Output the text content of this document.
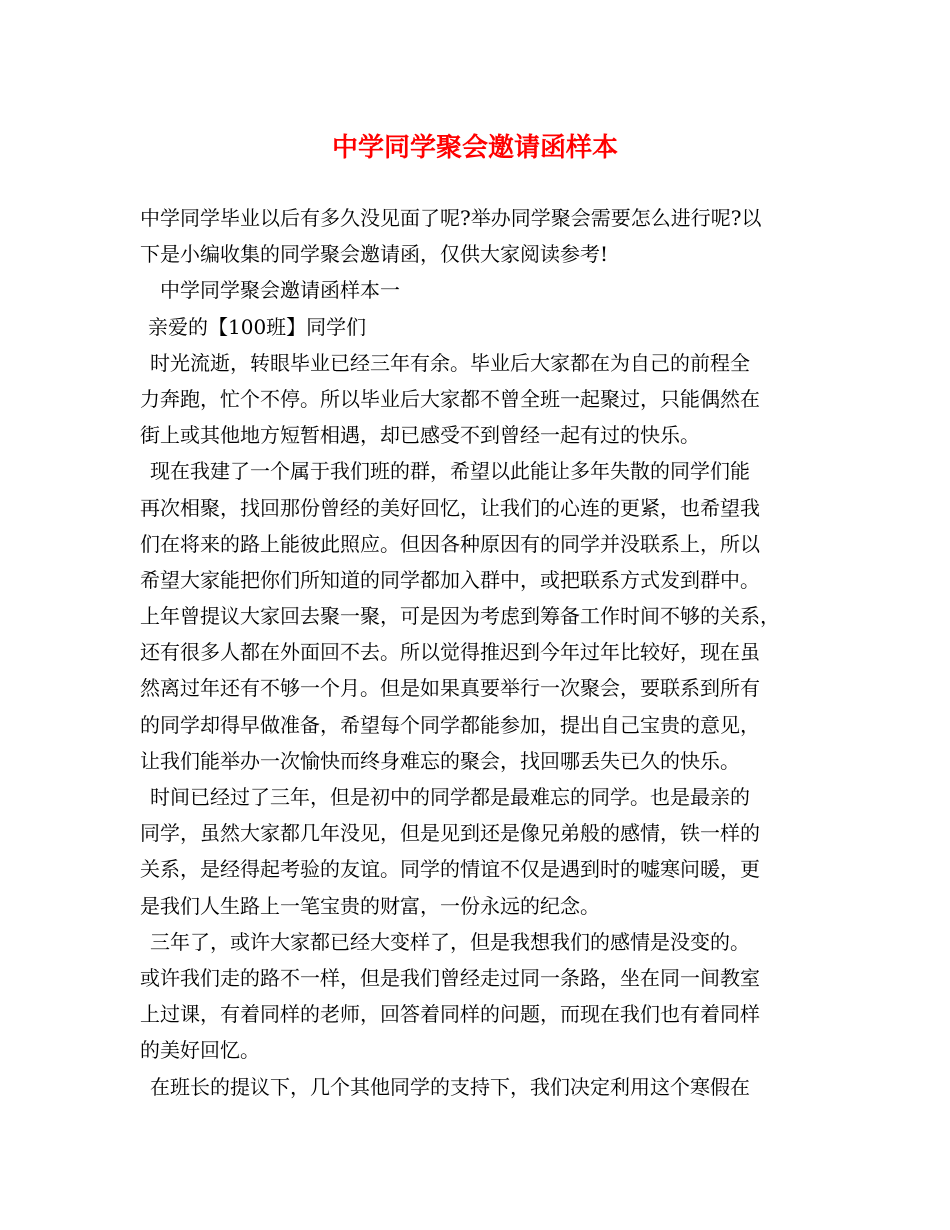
中学同学聚会邀请函样本
中学同学毕业以后有多久没见面了呢?举办同学聚会需要怎么进行呢?以
下是小编收集的同学聚会邀请函，仅供大家阅读参考!
中学同学聚会邀请函样本一
亲爱的【100班】同学们
时光流逝，转眼毕业已经三年有余。毕业后大家都在为自己的前程全
力奔跑，忙个不停。所以毕业后大家都不曾全班一起聚过，只能偶然在
街上或其他地方短暂相遇，却已感受不到曾经一起有过的快乐。
现在我建了一个属于我们班的群，希望以此能让多年失散的同学们能
再次相聚，找回那份曾经的美好回忆，让我们的心连的更紧，也希望我
们在将来的路上能彼此照应。但因各种原因有的同学并没联系上，所以
希望大家能把你们所知道的同学都加入群中，或把联系方式发到群中。
上年曾提议大家回去聚一聚，可是因为考虑到筹备工作时间不够的关系，
还有很多人都在外面回不去。所以觉得推迟到今年过年比较好，现在虽
然离过年还有不够一个月。但是如果真要举行一次聚会，要联系到所有
的同学却得早做准备，希望每个同学都能参加，提出自己宝贵的意见，
让我们能举办一次愉快而终身难忘的聚会，找回哪丢失已久的快乐。
时间已经过了三年，但是初中的同学都是最难忘的同学。也是最亲的
同学，虽然大家都几年没见，但是见到还是像兄弟般的感情，铁一样的
关系，是经得起考验的友谊。同学的情谊不仅是遇到时的嘘寒问暖，更
是我们人生路上一笔宝贵的财富，一份永远的纪念。
三年了，或许大家都已经大变样了，但是我想我们的感情是没变的。
或许我们走的路不一样，但是我们曾经走过同一条路，坐在同一间教室
上过课，有着同样的老师，回答着同样的问题，而现在我们也有着同样
的美好回忆。
在班长的提议下，几个其他同学的支持下，我们决定利用这个寒假在
